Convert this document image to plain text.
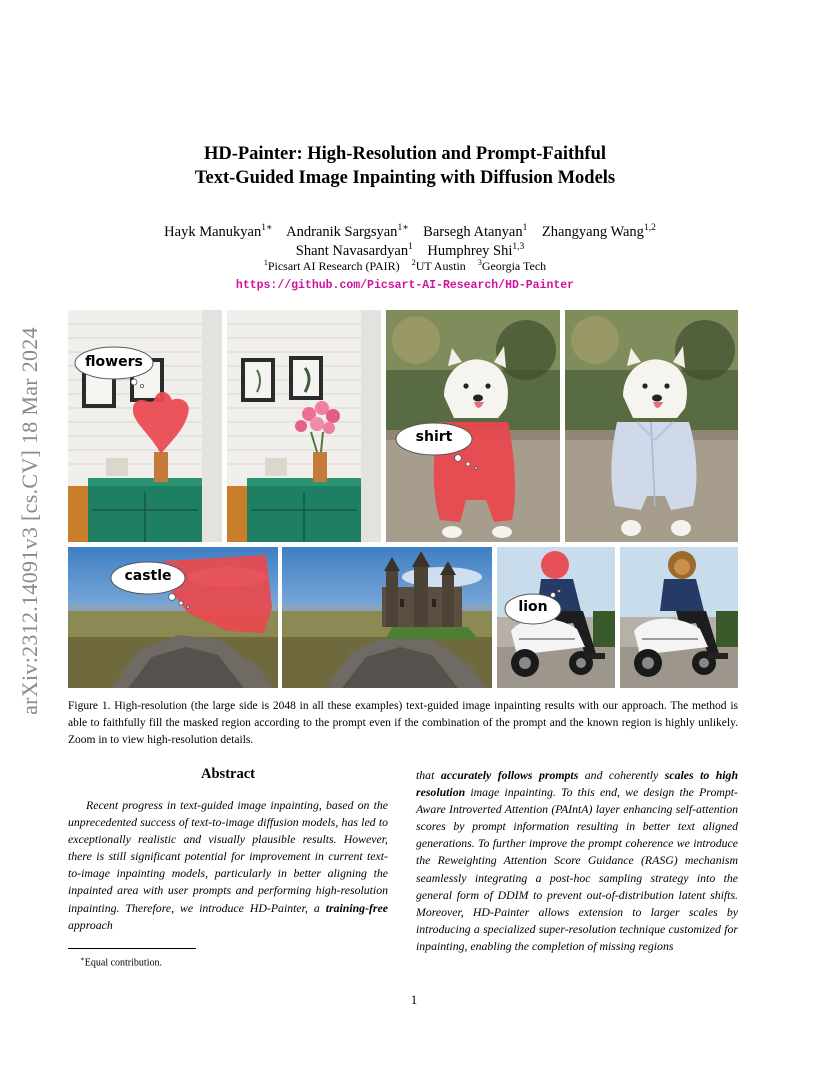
arXiv:2312.14091v3 [cs.CV] 18 Mar 2024
HD-Painter: High-Resolution and Prompt-Faithful
Text-Guided Image Inpainting with Diffusion Models
Hayk Manukyan$^{1∗}$ Andranik Sargsyan$^{1∗}$ Barsegh Atanyan$^1$ Zhangyang Wang$^{1,2}$
Shant Navasardyan$^1$ Humphrey Shi$^{1,3}$
$^1$Picsart AI Research (PAIR) $^2$UT Austin $^3$Georgia Tech
https://github.com/Picsart-AI-Research/HD-Painter
flowers
shirt
castle
lion
Figure 1. High-resolution (the large side is 2048 in all these examples) text-guided image inpainting results with our approach. The method is able to faithfully fill the masked region according to the prompt even if the combination of the prompt and the known region is highly unlikely. Zoom in to view high-resolution details.
Abstract
Recent progress in text-guided image inpainting, based on the unprecedented success of text-to-image diffusion models, has led to exceptionally realistic and visually plausible results. However, there is still significant potential for improvement in current text-to-image inpainting models, particularly in better aligning the inpainted area with user prompts and performing high-resolution inpainting. Therefore, we introduce HD-Painter, a training-free approach
that accurately follows prompts and coherently scales to high resolution image inpainting. To this end, we design the Prompt-Aware Introverted Attention (PAIntA) layer enhancing self-attention scores by prompt information resulting in better text aligned generations. To further improve the prompt coherence we introduce the Reweighting Attention Score Guidance (RASG) mechanism seamlessly integrating a post-hoc sampling strategy into the general form of DDIM to prevent out-of-distribution latent shifts. Moreover, HD-Painter allows extension to larger scales by introducing a specialized super-resolution technique customized for inpainting, enabling the completion of missing regions
∗Equal contribution.
1
